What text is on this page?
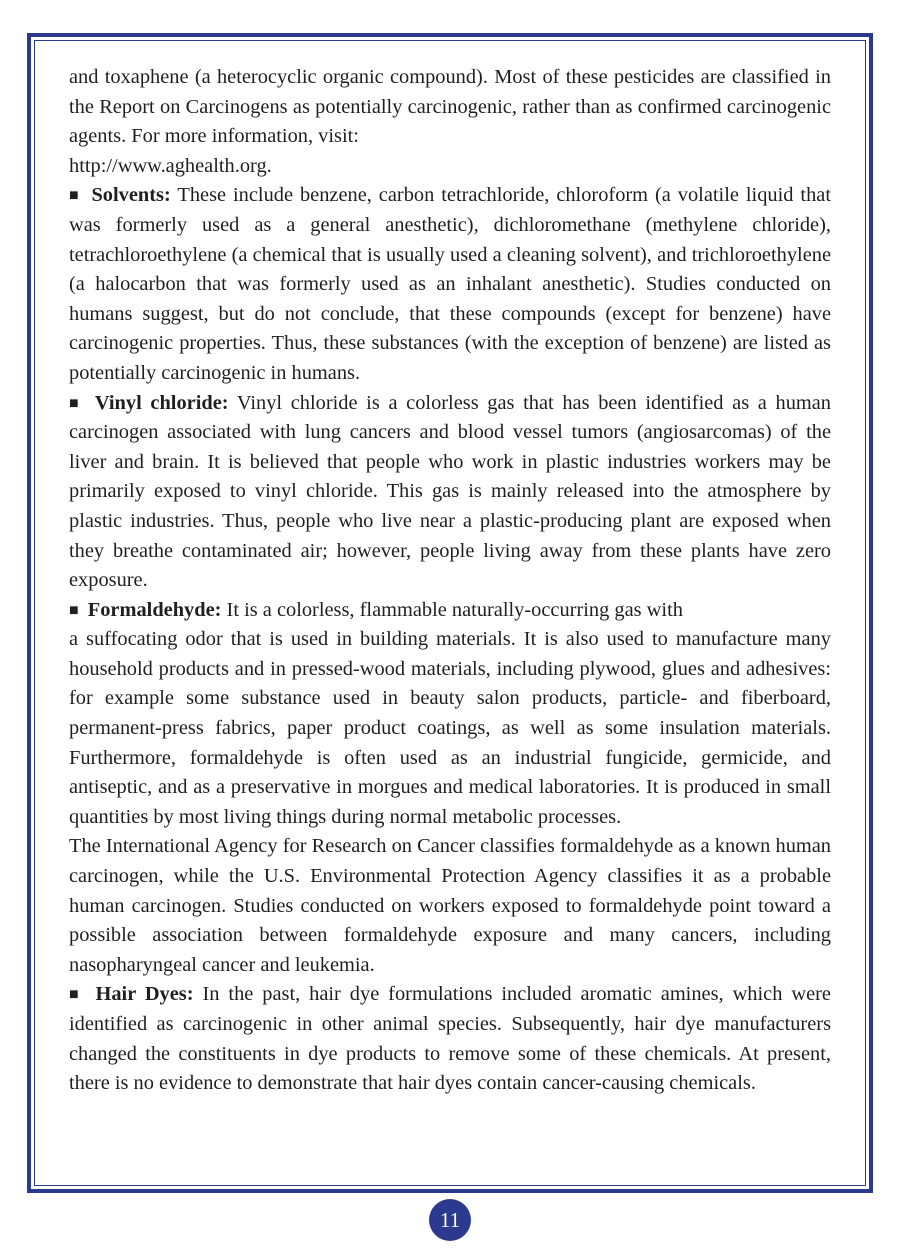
and toxaphene (a heterocyclic organic compound). Most of these pesticides are classified in the Report on Carcinogens as potentially carcinogenic, rather than as confirmed carcinogenic agents. For more information, visit:

http://www.aghealth.org.

■ Solvents: These include benzene, carbon tetrachloride, chloroform (a volatile liquid that was formerly used as a general anesthetic), dichloromethane (methylene chloride), tetrachloroethylene (a chemical that is usually used a cleaning solvent), and trichloroethylene (a halocarbon that was formerly used as an inhalant anesthetic). Studies conducted on humans suggest, but do not conclude, that these compounds (except for benzene) have carcinogenic properties. Thus, these substances (with the exception of benzene) are listed as potentially carcinogenic in humans.

■ Vinyl chloride: Vinyl chloride is a colorless gas that has been identified as a human carcinogen associated with lung cancers and blood vessel tumors (angiosarcomas) of the liver and brain. It is believed that people who work in plastic industries workers may be primarily exposed to vinyl chloride. This gas is mainly released into the atmosphere by plastic industries. Thus, people who live near a plastic-producing plant are exposed when they breathe contaminated air; however, people living away from these plants have zero exposure.

■ Formaldehyde: It is a colorless, flammable naturally-occurring gas with

a suffocating odor that is used in building materials. It is also used to manufacture many household products and in pressed-wood materials, including plywood, glues and adhesives: for example some substance used in beauty salon products, particle- and fiberboard, permanent-press fabrics, paper product coatings, as well as some insulation materials. Furthermore, formaldehyde is often used as an industrial fungicide, germicide, and antiseptic, and as a preservative in morgues and medical laboratories. It is produced in small quantities by most living things during normal metabolic processes.

The International Agency for Research on Cancer classifies formaldehyde as a known human carcinogen, while the U.S. Environmental Protection Agency classifies it as a probable human carcinogen. Studies conducted on workers exposed to formaldehyde point toward a possible association between formaldehyde exposure and many cancers, including nasopharyngeal cancer and leukemia.

■ Hair Dyes: In the past, hair dye formulations included aromatic amines, which were identified as carcinogenic in other animal species. Subsequently, hair dye manufacturers changed the constituents in dye products to remove some of these chemicals. At present, there is no evidence to demonstrate that hair dyes contain cancer-causing chemicals.

11
